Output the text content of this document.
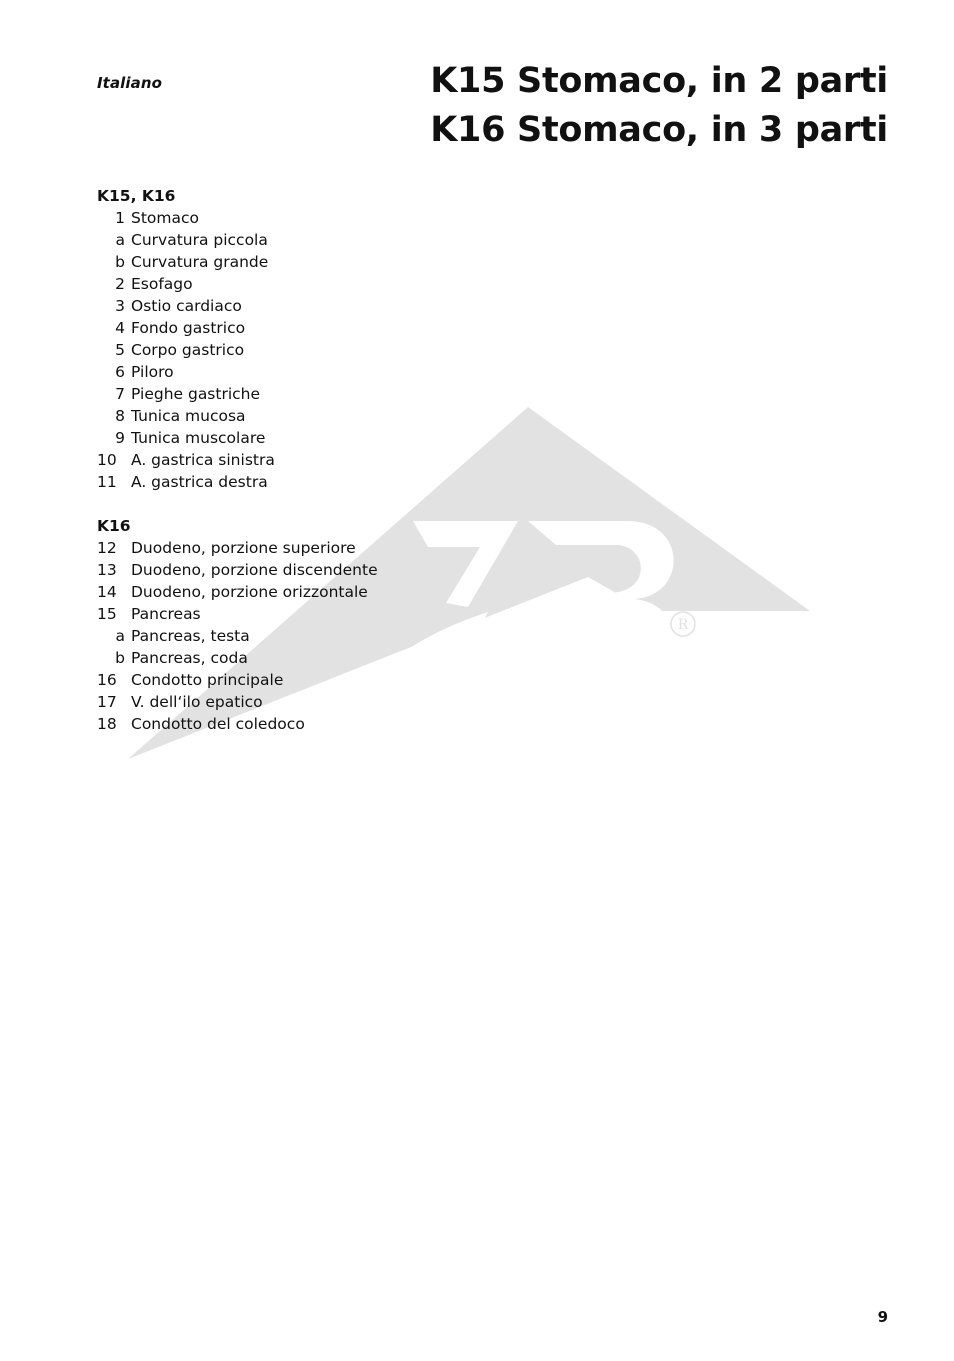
R
Italiano	K15 Stomaco, in 2 parti
K16 Stomaco, in 3 parti
K15, K16
1 Stomaco
a Curvatura piccola
b Curvatura grande
2 Esofago
3 Ostio cardiaco
4 Fondo gastrico
5 Corpo gastrico
6 Piloro
7 Pieghe gastriche
8 Tunica mucosa
9 Tunica muscolare
10 A. gastrica sinistra
11 A. gastrica destra
K16
12 Duodeno, porzione superiore
13 Duodeno, porzione discendente
14 Duodeno, porzione orizzontale
15 Pancreas
a Pancreas, testa
b Pancreas, coda
16 Condotto principale
17 V. dell‘ilo epatico
18 Condotto del coledoco
9
